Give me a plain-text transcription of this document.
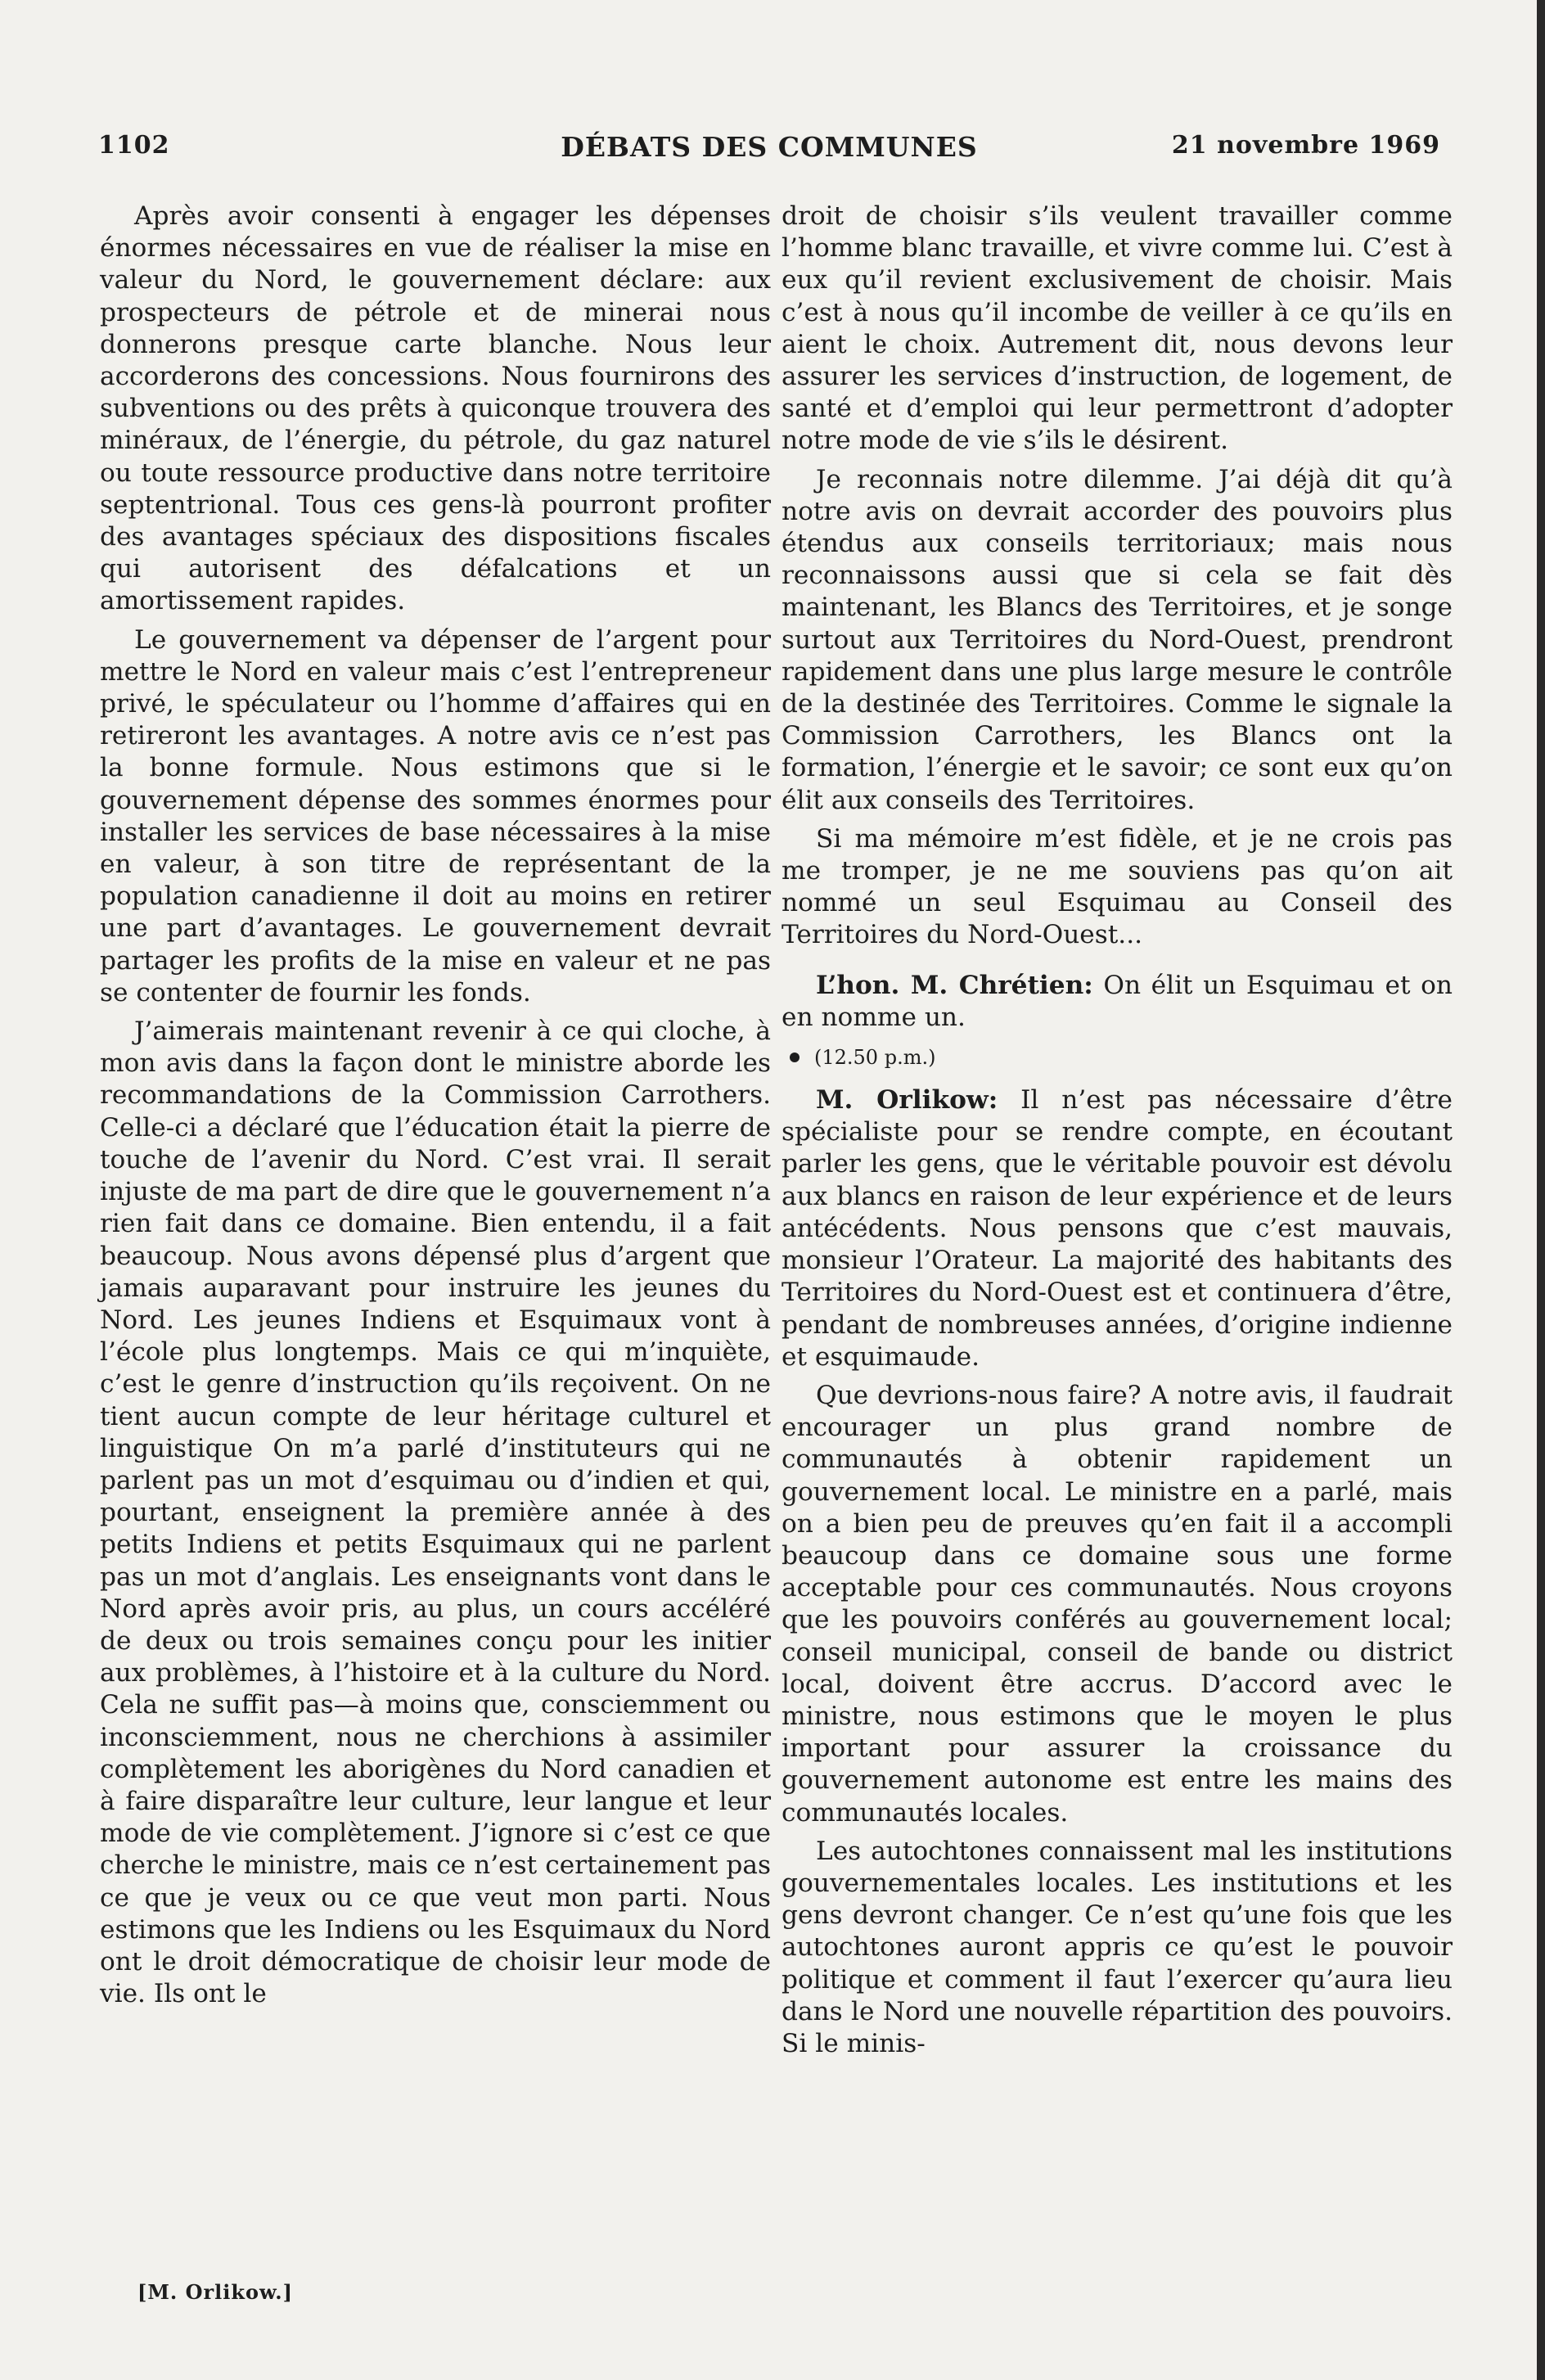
DÉBATS DES COMMUNES
1102	21 novembre 1969

Après avoir consenti à engager les dépenses énormes nécessaires en vue de réaliser la mise en valeur du Nord, le gouvernement déclare: aux prospecteurs de pétrole et de minerai nous donnerons presque carte blanche. Nous leur accorderons des concessions. Nous fournirons des subventions ou des prêts à quiconque trouvera des minéraux, de l’énergie, du pétrole, du gaz naturel ou toute ressource productive dans notre territoire septentrional. Tous ces gens-là pourront profiter des avantages spéciaux des dispositions fiscales qui autorisent des défalcations et un amortissement rapides.

Le gouvernement va dépenser de l’argent pour mettre le Nord en valeur mais c’est l’entrepreneur privé, le spéculateur ou l’homme d’affaires qui en retireront les avantages. A notre avis ce n’est pas la bonne formule. Nous estimons que si le gouvernement dépense des sommes énormes pour installer les services de base nécessaires à la mise en valeur, à son titre de représentant de la population canadienne il doit au moins en retirer une part d’avantages. Le gouvernement devrait partager les profits de la mise en valeur et ne pas se contenter de fournir les fonds.

J’aimerais maintenant revenir à ce qui cloche, à mon avis dans la façon dont le ministre aborde les recommandations de la Commission Carrothers. Celle-ci a déclaré que l’éducation était la pierre de touche de l’avenir du Nord. C’est vrai. Il serait injuste de ma part de dire que le gouvernement n’a rien fait dans ce domaine. Bien entendu, il a fait beaucoup. Nous avons dépensé plus d’argent que jamais auparavant pour instruire les jeunes du Nord. Les jeunes Indiens et Esquimaux vont à l’école plus longtemps. Mais ce qui m’inquiète, c’est le genre d’instruction qu’ils reçoivent. On ne tient aucun compte de leur héritage culturel et linguistique On m’a parlé d’instituteurs qui ne parlent pas un mot d’esquimau ou d’indien et qui, pourtant, enseignent la première année à des petits Indiens et petits Esquimaux qui ne parlent pas un mot d’anglais. Les enseignants vont dans le Nord après avoir pris, au plus, un cours accéléré de deux ou trois semaines conçu pour les initier aux problèmes, à l’histoire et à la culture du Nord. Cela ne suffit pas—à moins que, consciemment ou inconsciemment, nous ne cherchions à assimiler complètement les aborigènes du Nord canadien et à faire disparaître leur culture, leur langue et leur mode de vie complètement. J’ignore si c’est ce que cherche le ministre, mais ce n’est certainement pas ce que je veux ou ce que veut mon parti. Nous estimons que les Indiens ou les Esquimaux du Nord ont le droit démocratique de choisir leur mode de vie. Ils ont le

droit de choisir s’ils veulent travailler comme l’homme blanc travaille, et vivre comme lui. C’est à eux qu’il revient exclusivement de choisir. Mais c’est à nous qu’il incombe de veiller à ce qu’ils en aient le choix. Autrement dit, nous devons leur assurer les services d’instruction, de logement, de santé et d’emploi qui leur permettront d’adopter notre mode de vie s’ils le désirent.

Je reconnais notre dilemme. J’ai déjà dit qu’à notre avis on devrait accorder des pouvoirs plus étendus aux conseils territoriaux; mais nous reconnaissons aussi que si cela se fait dès maintenant, les Blancs des Territoires, et je songe surtout aux Territoires du Nord-Ouest, prendront rapidement dans une plus large mesure le contrôle de la destinée des Territoires. Comme le signale la Commission Carrothers, les Blancs ont la formation, l’énergie et le savoir; ce sont eux qu’on élit aux conseils des Territoires.

Si ma mémoire m’est fidèle, et je ne crois pas me tromper, je ne me souviens pas qu’on ait nommé un seul Esquimau au Conseil des Territoires du Nord-Ouest...

L’hon. M. Chrétien: On élit un Esquimau et on en nomme un.

(12.50 p.m.)

M. Orlikow: Il n’est pas nécessaire d’être spécialiste pour se rendre compte, en écoutant parler les gens, que le véritable pouvoir est dévolu aux blancs en raison de leur expérience et de leurs antécédents. Nous pensons que c’est mauvais, monsieur l’Orateur. La majorité des habitants des Territoires du Nord-Ouest est et continuera d’être, pendant de nombreuses années, d’origine indienne et esquimaude.

Que devrions-nous faire? A notre avis, il faudrait encourager un plus grand nombre de communautés à obtenir rapidement un gouvernement local. Le ministre en a parlé, mais on a bien peu de preuves qu’en fait il a accompli beaucoup dans ce domaine sous une forme acceptable pour ces communautés. Nous croyons que les pouvoirs conférés au gouvernement local; conseil municipal, conseil de bande ou district local, doivent être accrus. D’accord avec le ministre, nous estimons que le moyen le plus important pour assurer la croissance du gouvernement autonome est entre les mains des communautés locales.

Les autochtones connaissent mal les institutions gouvernementales locales. Les institutions et les gens devront changer. Ce n’est qu’une fois que les autochtones auront appris ce qu’est le pouvoir politique et comment il faut l’exercer qu’aura lieu dans le Nord une nouvelle répartition des pouvoirs. Si le minis-

[M. Orlikow.]
